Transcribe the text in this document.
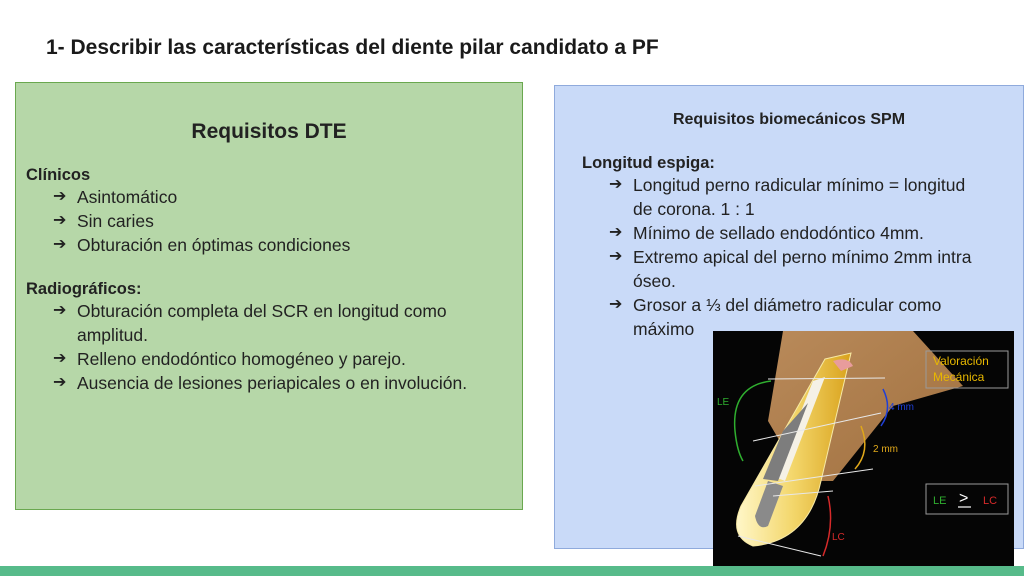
1- Describir las características del diente pilar candidato a PF

Requisitos DTE

Clínicos

➔ Asintomático
➔ Sin caries
➔ Obturación en óptimas condiciones

Radiográficos:

➔ Obturación completa del SCR en longitud como amplitud.
➔ Relleno endodóntico homogéneo y parejo.
➔ Ausencia de lesiones periapicales o en involución.

Requisitos biomecánicos SPM

Longitud espiga:

➔ Longitud perno radicular mínimo = longitud de corona. 1 : 1
➔ Mínimo de sellado endodóntico 4mm.
➔ Extremo apical del perno mínimo 2mm intra óseo.
➔ Grosor a ⅓ del diámetro radicular como máximo
LE	4 mm
2 mm
LC
Valoración
Mecánica
LE > LC
